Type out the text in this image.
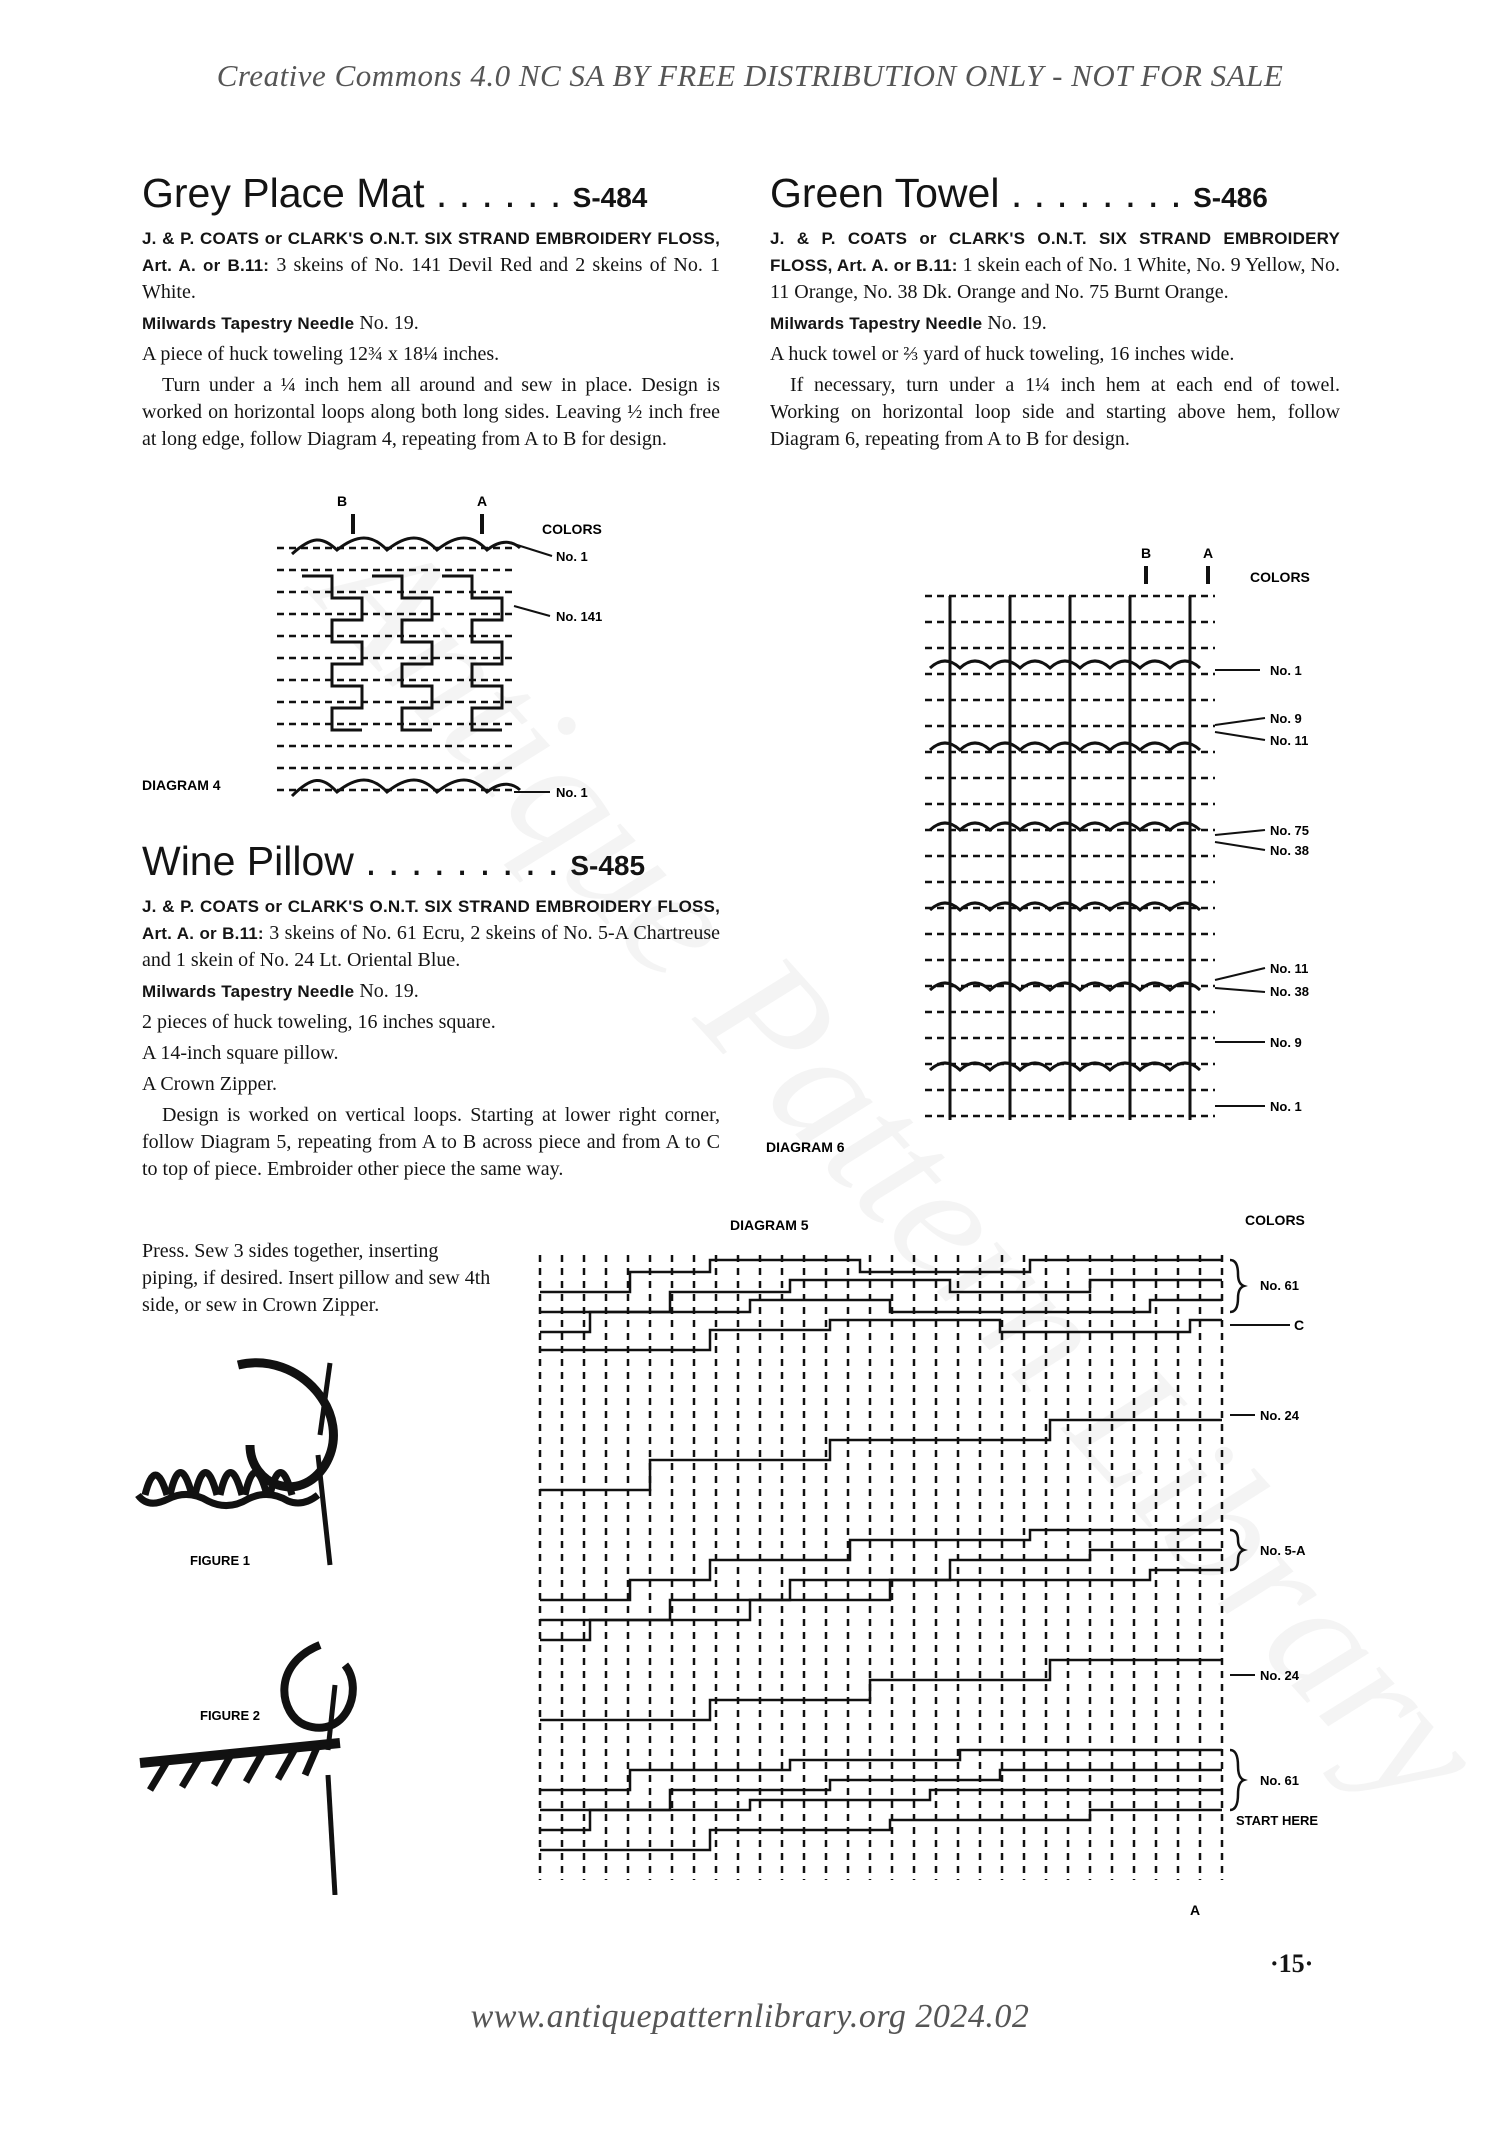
Creative Commons 4.0 NC SA BY FREE DISTRIBUTION ONLY - NOT FOR SALE
Grey Place Mat . . . . . . S-484

J. & P. COATS or CLARK'S O.N.T. SIX STRAND EMBROIDERY FLOSS, Art. A. or B.11: 3 skeins of No. 141 Devil Red and 2 skeins of No. 1 White.

Milwards Tapestry Needle No. 19.

A piece of huck toweling 12¾ x 18¼ inches.

Turn under a ¼ inch hem all around and sew in place. Design is worked on horizontal loops along both long sides. Leaving ½ inch free at long edge, follow Diagram 4, repeating from A to B for design.

B	A
COLORS
No. 1
No. 141
DIAGRAM 4	No. 1
Wine Pillow . . . . . . . . . S-485

J. & P. COATS or CLARK'S O.N.T. SIX STRAND EMBROIDERY FLOSS, Art. A. or B.11: 3 skeins of No. 61 Ecru, 2 skeins of No. 5-A Chartreuse and 1 skein of No. 24 Lt. Oriental Blue.

Milwards Tapestry Needle No. 19.

2 pieces of huck toweling, 16 inches square.

A 14-inch square pillow.

A Crown Zipper.

Design is worked on vertical loops. Starting at lower right corner, follow Diagram 5, repeating from A to B across piece and from A to C to top of piece. Embroider other piece the same way.

Press. Sew 3 sides together, inserting piping, if desired. Insert pillow and sew 4th side, or sew in Crown Zipper.

FIGURE 1
FIGURE 2
Green Towel . . . . . . . . S-486

J. & P. COATS or CLARK'S O.N.T. SIX STRAND EMBROIDERY FLOSS, Art. A. or B.11: 1 skein each of No. 1 White, No. 9 Yellow, No. 11 Orange, No. 38 Dk. Orange and No. 75 Burnt Orange.

Milwards Tapestry Needle No. 19.

A huck towel or ⅔ yard of huck toweling, 16 inches wide.

If necessary, turn under a 1¼ inch hem at each end of towel. Working on horizontal loop side and starting above hem, follow Diagram 6, repeating from A to B for design.

B	A
COLORS
No. 1
No. 9
No. 11
No. 75
No. 38
No. 11
No. 38
No. 9
No. 1
DIAGRAM 6
DIAGRAM 5	COLORS
No. 61
C
No. 24
No. 5-A
No. 24
No. 61
START HERE
A
·15·
www.antiquepatternlibrary.org 2024.02
